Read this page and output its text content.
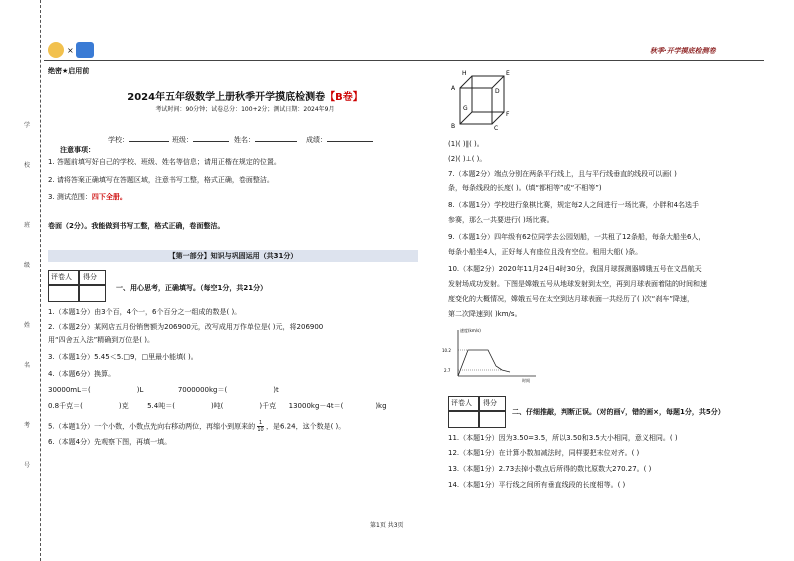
学
校
班
级
姓
名
考
号
×	秋季·开学摸底检测卷
绝密★启用前
2024年五年级数学上册秋季开学摸底检测卷【B卷】
考试时间：90分钟；试卷总分：100+2分；测试日期：2024年9月
学校：	班级：	姓名：	成绩：
注意事项：
1. 答题前填写好自己的学校、班级、姓名等信息；请用正楷在规定的位置。
2. 请将答案正确填写在答题区域，注意书写工整，格式正确，卷面整洁。
3. 测试范围：四下全册。
卷面（2分）。我能做到书写工整，格式正确，卷面整洁。
【第一部分】知识与巩固运用（共31分）
评卷人 得分
一、用心思考，正确填写。（每空1分，共21分）
1.（本题1分）由3个百，4个一，6个百分之一组成的数是( )。
2.（本题2分）某网店五月份销售额为206900元，改写成用万作单位是( )元，将206900
用“四舍五入法”精确到万位是( )。
3.（本题1分）5.45＜5.□9，□里最小能填( )。
4.（本题6分）换算。
30000mL＝(	)L	7000000kg＝(	)t
0.8千克＝(	)克	5.4吨＝(	)吨(	)千克 13000kg－4t＝(	)kg
5.（本题1分）一个小数，小数点先向右移动两位，再缩小到原来的 $\frac{1}{10}$ ，是6.24，这个数是( )。
6.（本题4分）先观察下图，再填一填。
H	E
A	D
G
B	C
F
(1)( )∥( )。
(2)( )⊥( )。
7.（本题2分）端点分别在两条平行线上，且与平行线垂直的线段可以画( )
条，每条线段的长度( )。(填“都相等”或“不相等”)
8.（本题1分）学校进行象棋比赛，规定每2人之间进行一场比赛，小胖和4名选手
参赛，那么一共要进行( )场比赛。
9.（本题1分）四年级有62位同学去公园划船，一共租了12条船，每条大船坐6人，
每条小船坐4人，正好每人有座位且没有空位。租用大船( )条。
10.（本题2分）2020年11月24日4时30分，我国月球探测器嫦娥五号在文昌航天
发射场成功发射。下图是嫦娥五号从地球发射到太空，再到月球表面着陆的时间和速
度变化的大概情况，嫦娥五号在太空到达月球表面一共经历了( )次“刹车”降速，
第二次降速到( )km/s。
速度(km/s)
时间
10.2
2.7
评卷人 得分
二、仔细推敲，判断正误。（对的画√，错的画×，每题1分，共5分）
11.（本题1分）因为3.50=3.5，所以3.50和3.5大小相同，意义相同。( )
12.（本题1分）在计算小数加减法时，同样要把末位对齐。( )
13.（本题1分）2.73去掉小数点后所得的数比原数大270.27。( )
14.（本题1分）平行线之间所有垂直线段的长度相等。( )
第1页 共3页
